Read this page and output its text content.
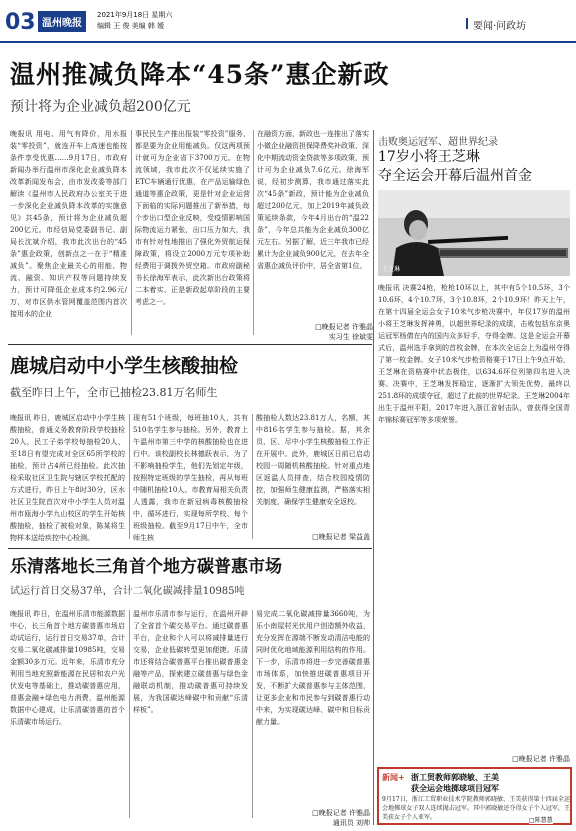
03 温州晚报
2021年9月18日 星期六
编辑 王 俊 美编 韩 嫒	要闻·问政坊
温州推减负降本“45条”惠企新政
预计将为企业减负超200亿元
晚报讯 用电、用气有降价，用水报装“零投资”，就连开车上高速也能按条件享受优惠……9月17日，市政府新闻办举行温州市深化企业减负降本改革新闻发布会，由市发改委等部门解读《温州市人民政府办公室关于进一步深化企业减负降本改革的实施意见》共45条，预计将为企业减负超200亿元。市经信局党委副书记、副局长沈斌介绍，我市此次出台的“45条”惠企政策，创新点之一在于“精准减负”。聚焦企业最关心的用能、物流、融资、知识产权等问题持续发力，预计可降低企业成本约2.96元/万，对市区供水管网覆盖范围内首次接用水的企业
事民民生产推出报装“零投资”服务，都是要为企业用能减负。仅这两项预计就可为企业省下3700万元。在物流领域，我市此次不仅延续实施了ETC车辆通行优惠，在产品运输绿色通道等惠企政策，更是针对企业运营下面临的实际问题推出了新举措，每个步出口型企业反映，受疫情影响国际物流运力紧张，出口压力加大，我市有针对性地推出了强化外贸航运保障政策，将设立2000万元专项补助经费用于调拨外贸空箱。市政府副秘书长徐海军表示，此次新出台政策将二本着实、正是新政起草阶段的主要考虑之一。
在融资方面，新政也一连推出了落实小微企业融资担保降费奖补政策、深化中期流动资金贷款等多项政策，预计可为企业减负7.6亿元。徐海军说，经初步测算，我市通过落实此次“45条”新政，预计能为企业减负超过200亿元，加上2019年减负政策延续条款，今年4月出台的“温22条”，今年总共能为企业减负300亿元左右。另据了解，近三年我市已经累计为企业减负900亿元，在去年全省惠企减负评价中，居全省第1位。
□晚报记者 许雅晶
实习生 徐斌雯
鹿城启动中小学生核酸抽检
截至昨日上午，全市已抽检23.81万名师生
晚报讯 昨日，鹿城区启动中小学生核酸抽检，普通义务教育阶段学校抽检20人，民工子弟学校每抽检20人，至18日有望完成对全区65所学校的抽检，预计占4所已经抽检。此次抽检采取社区卫生院与辖区学校托配的方式进行，昨日上午8时30分，区水社区卫生院首次对中小学生人员对温州市瓯海小学九山校区的学生开始核酸抽检，抽检了被检对象，陈某将生物样本送给疾控中心检测。
现有51个班级，每班抽10人，共有510名学生参与抽检。另外，教育上午温州市第三中学的核酸抽检也在进行中。该校副校长林德跃表示，为了不影响抽检学生，他们先划定年级，按照特定班级的学生抽检，再从每班中随机抽检10人。市教育局相关负责人透露，我市在新冠病毒核酸抽检中，循环进行，实现每所学校、每个班级抽检。截至9月17日中午，全市师生核
酸抽检人数达23.81万人，名额，其中816名学生参与抽检。据，其余员、区、尽中小学生核酸抽检工作正在开展中。此外，鹿城区日前已启动校园一周随机核酸抽检。针对重点地区返温人员排查，结合校园疫情防控，加强师生健康监测，严格落实相关制度，确保学生健康安全返校。
□晚报记者 梁益盖
乐清落地长三角首个地方碳普惠市场
试运行首日交易37单，合计二氧化碳减排量10985吨
晚报讯 昨日，在温州乐清市能源数据中心，长三角首个地方碳普惠市场启动试运行，运行首日交易37单，合计交易二氧化碳减排量10985吨，交易金额30多万元。近年来，乐清市充分利用当地充照新能源在民居和农户光伏发电等基础上，推动碳普惠应用，普惠金融+绿色电力消费，温州能源数据中心建成，让乐清碳普惠的首个乐清碳市场运行。
温州市乐清市参与运行，在温州开辟了全省首个碳交易平台。通过碳普惠平台，企业和个人可以将减排量进行交易，企业低碳转型更加便捷。乐清市还将结合碳普惠平台推出碳普惠金融等产品，探索建立碳普惠与绿色金融联动机制，推动碳普惠可持续发展，为我国碳达峰碳中和贡献“乐清样板”。
易完成二氧化碳减排量3660吨，为乐小南屋村光伏用户创造额外收益，充分发挥在源端不断发动清洁电能的同时优化地域能源利用结构的作用。下一步，乐清市将进一步完善碳普惠市场体系，加快推进碳普惠项目开发，不断扩大碳普惠参与主体范围，让更多企业和市民参与到碳普惠行动中来，为实现碳达峰、碳中和目标贡献力量。
□晚报记者 许雅晶
通讯员 刘帅
击败奥运冠军、超世界纪录
17岁小将王芝琳
夺全运会开幕后温州首金
王芝琳
晚报讯 决赛24枪，枪枪10环以上，其中有5个10.5环，3个10.6环，4个10.7环，3个10.8环，2个10.9环！昨天上午，在第十四届全运会女子10米气步枪决赛中，年仅17岁的温州小将王芝琳发挥神勇，以超世界纪录的成绩，击败包括东京奥运冠军杨倩在内的国内众多好手，夺得金牌。这是全运会开幕式后，温州选手拿到的首枚金牌，在本次全运会上为温州夺得了第一枚金牌。女子10米气步枪资格赛于17日上午9点开始，王芝琳在资格赛中状态极佳，以634.6环位列第四名进入决赛。决赛中，王芝琳发挥稳定，逐渐扩大领先优势，最终以251.8环的成绩夺冠，超过了此前的世界纪录。王芝琳2004年出生于温州平阳，2017年进入浙江省射击队，曾获得全国青年锦标赛冠军等多项荣誉。
□晚报记者 许雅晶
新闻+ 浙工贸教师郭晓敏、王美
获全运会地掷球项目冠军
9月17日，浙江工贸职业技术学院教师郭晓敏、王美获得第十四届全运会地掷球女子双人连续抛击冠军。其中郭晓敏还夺得女子个人冠军，王美获女子个人亚军。	□陈慧慧
